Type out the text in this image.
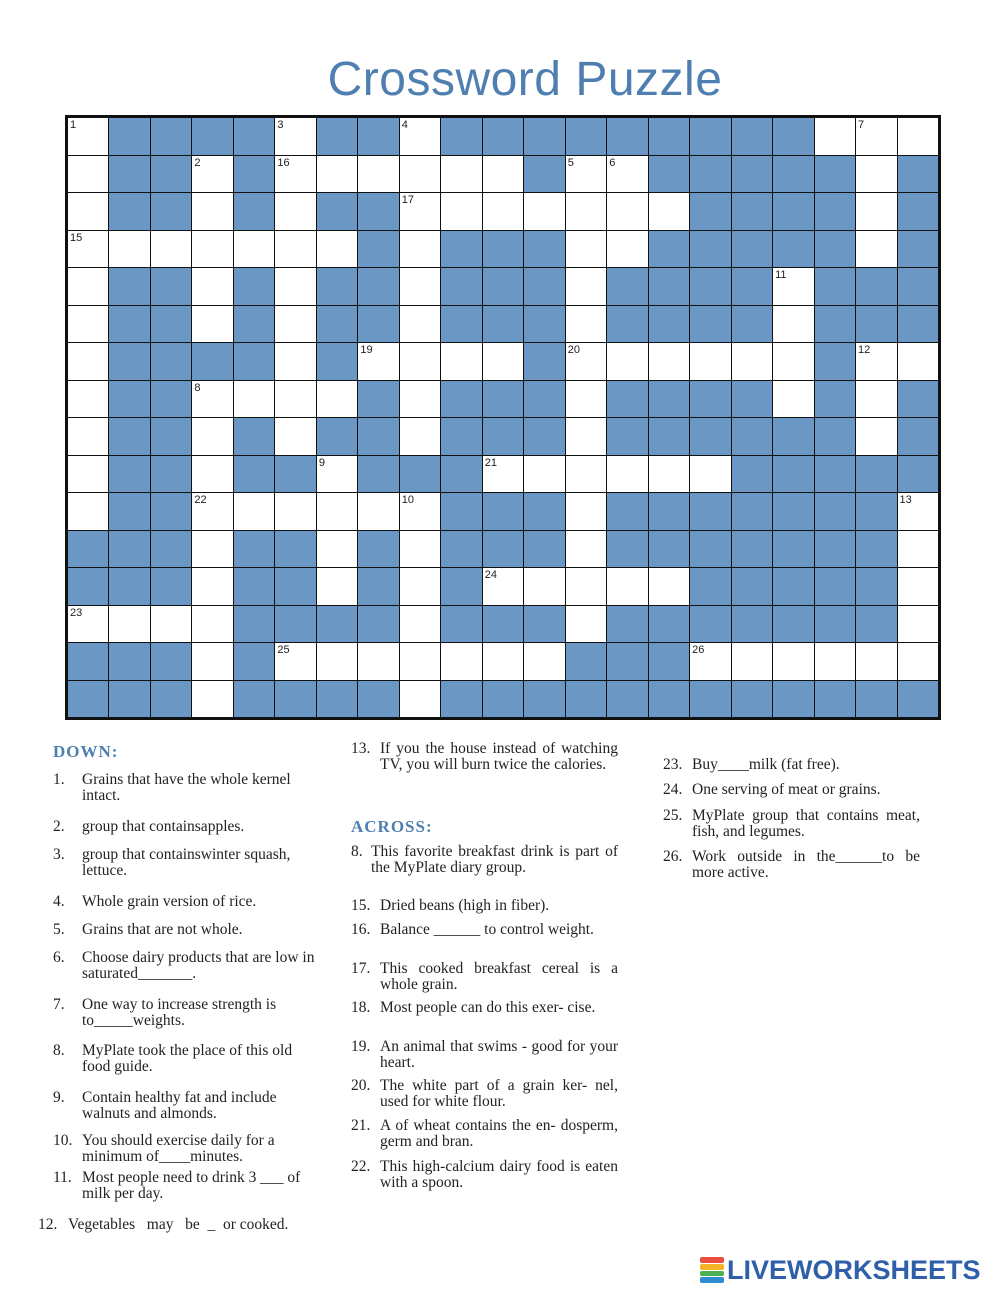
Crossword Puzzle
1	3	4	7
2	16	5	6
17
15
11
19	20	12
8
9	21
22	10	13
24
23
25	26
DOWN:
1.	Grains that have the whole kernel intact.
2.	group that containsapples.
3.	group that containswinter squash, lettuce.
4.	Whole grain version of rice.
5.	Grains that are not whole.
6.	Choose dairy products that are low in saturated_______.
7.	One way to increase strength is to_____weights.
8.	MyPlate took the place of this old food guide.
9.	Contain healthy fat and include walnuts and almonds.
10. You should exercise daily for a minimum of____minutes.
11. Most people need to drink 3 ___ of milk per day.
12. Vegetables   may   be  _  or cooked.
13. If you the house instead of watching TV, you will burn twice the calories.
ACROSS:
8. This favorite breakfast drink is part of the MyPlate diary group.
15. Dried beans (high in fiber).
16. Balance ______ to control weight.
17. This cooked breakfast cereal is a whole grain.
18. Most people can do this exer- cise.
19. An animal that swims - good for your heart.
20. The white part of a grain ker- nel, used for white flour.
21. A of wheat contains the en- dosperm, germ and bran.
22. This high-calcium dairy food is eaten with a spoon.
23. Buy____milk (fat free).
24. One serving of meat or grains.
25. MyPlate group that contains meat, fish, and legumes.
26. Work outside in the______to be more active.
LIVEWORKSHEETS
